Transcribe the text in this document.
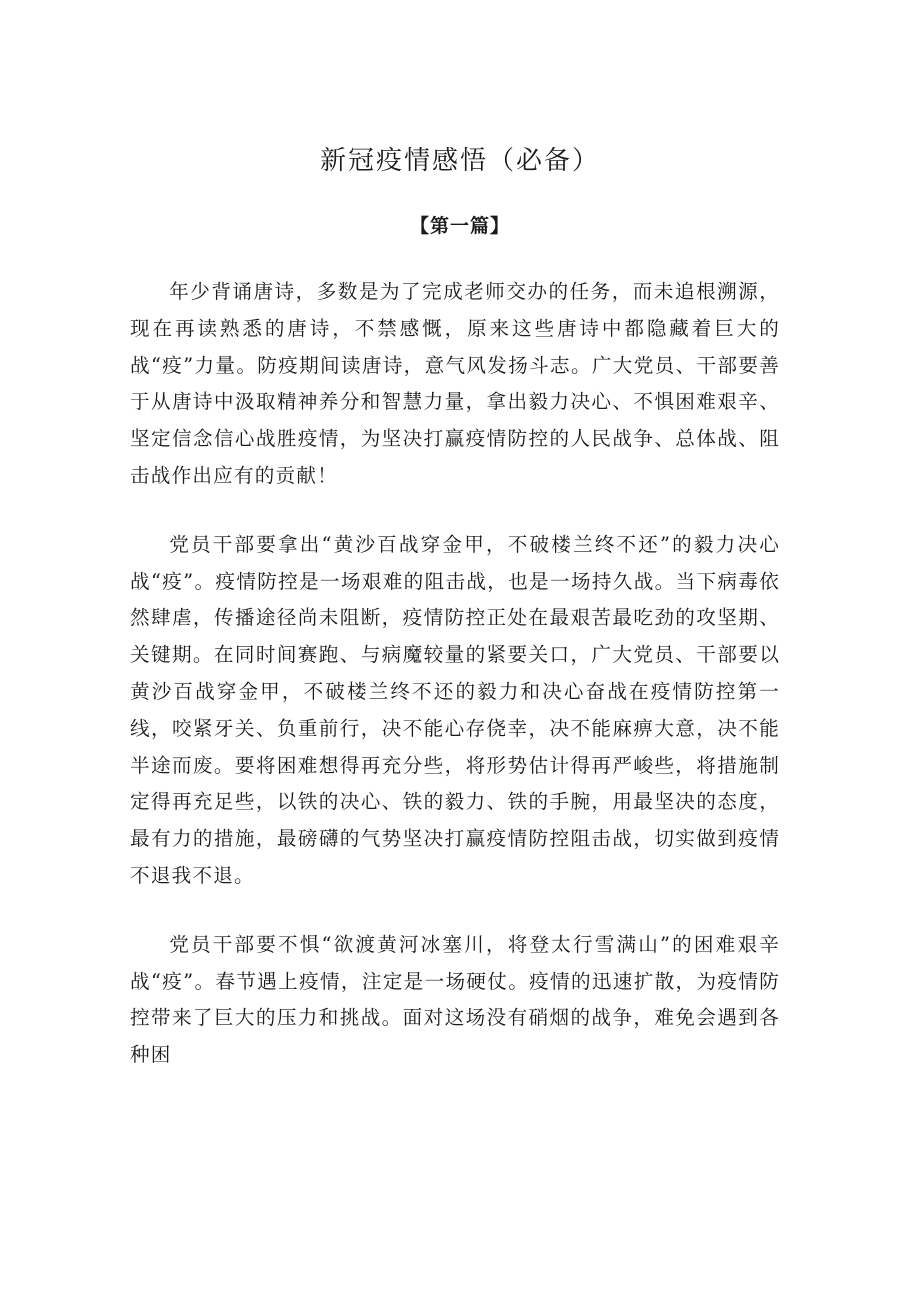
新冠疫情感悟（必备）
【第一篇】

年少背诵唐诗，多数是为了完成老师交办的任务，而未追根溯源，现在再读熟悉的唐诗，不禁感慨，原来这些唐诗中都隐藏着巨大的战“疫”力量。防疫期间读唐诗，意气风发扬斗志。广大党员、干部要善于从唐诗中汲取精神养分和智慧力量，拿出毅力决心、不惧困难艰辛、坚定信念信心战胜疫情，为坚决打赢疫情防控的人民战争、总体战、阻击战作出应有的贡献！

党员干部要拿出“黄沙百战穿金甲，不破楼兰终不还”的毅力决心战“疫”。疫情防控是一场艰难的阻击战，也是一场持久战。当下病毒依然肆虐，传播途径尚未阻断，疫情防控正处在最艰苦最吃劲的攻坚期、关键期。在同时间赛跑、与病魔较量的紧要关口，广大党员、干部要以黄沙百战穿金甲，不破楼兰终不还的毅力和决心奋战在疫情防控第一线，咬紧牙关、负重前行，决不能心存侥幸，决不能麻痹大意，决不能半途而废。要将困难想得再充分些，将形势估计得再严峻些，将措施制定得再充足些，以铁的决心、铁的毅力、铁的手腕，用最坚决的态度，最有力的措施，最磅礴的气势坚决打赢疫情防控阻击战，切实做到疫情不退我不退。

党员干部要不惧“欲渡黄河冰塞川，将登太行雪满山”的困难艰辛战“疫”。春节遇上疫情，注定是一场硬仗。疫情的迅速扩散，为疫情防控带来了巨大的压力和挑战。面对这场没有硝烟的战争，难免会遇到各种困
